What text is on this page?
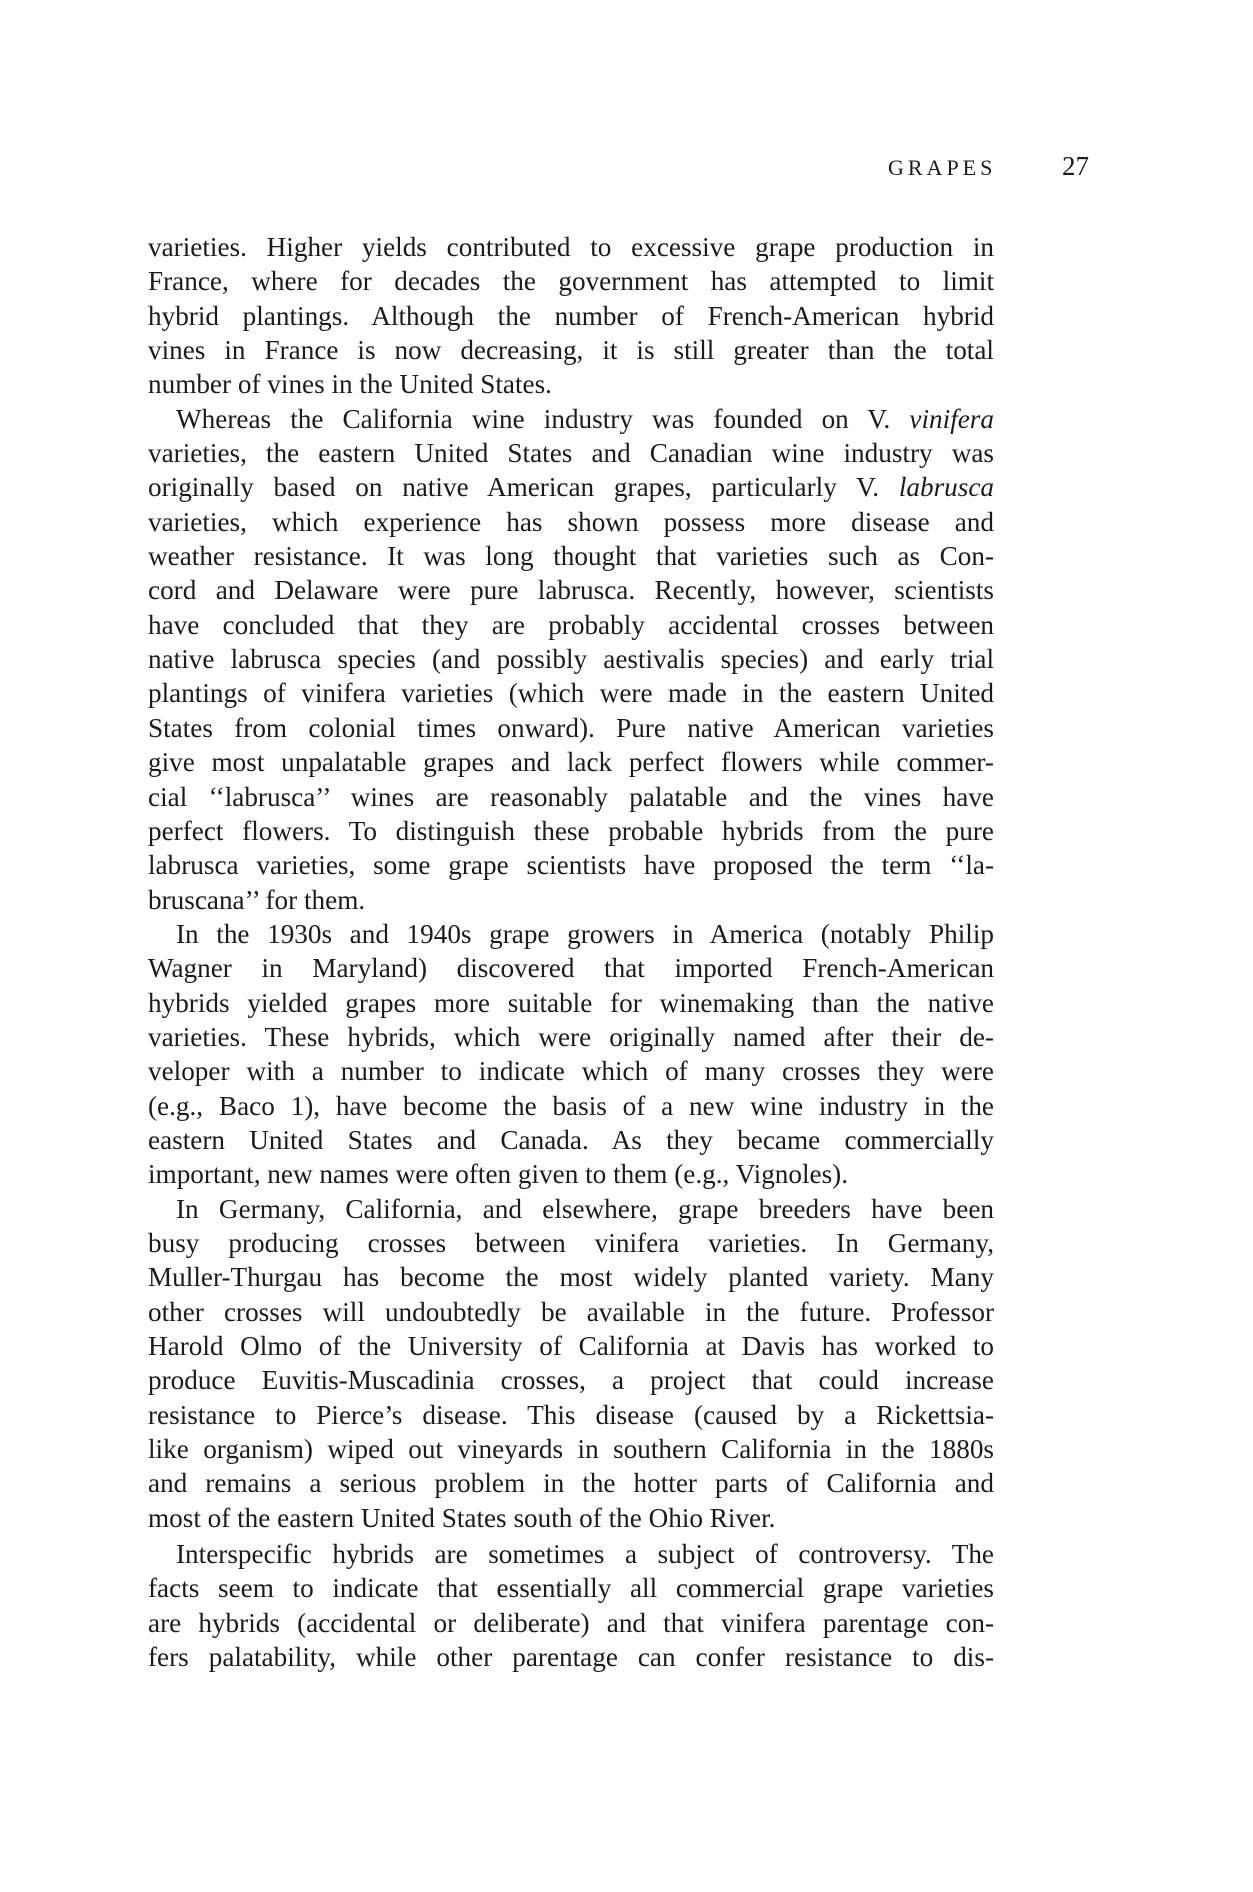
GRAPES 27

varieties. Higher yields contributed to excessive grape production in
France, where for decades the government has attempted to limit
hybrid plantings. Although the number of French-American hybrid
vines in France is now decreasing, it is still greater than the total
number of vines in the United States.

Whereas the California wine industry was founded on V. vinifera
varieties, the eastern United States and Canadian wine industry was
originally based on native American grapes, particularly V. labrusca
varieties, which experience has shown possess more disease and
weather resistance. It was long thought that varieties such as Con-
cord and Delaware were pure labrusca. Recently, however, scientists
have concluded that they are probably accidental crosses between
native labrusca species (and possibly aestivalis species) and early trial
plantings of vinifera varieties (which were made in the eastern United
States from colonial times onward). Pure native American varieties
give most unpalatable grapes and lack perfect flowers while commer-
cial ‘‘labrusca’’ wines are reasonably palatable and the vines have
perfect flowers. To distinguish these probable hybrids from the pure
labrusca varieties, some grape scientists have proposed the term ‘‘la-
bruscana’’ for them.

In the 1930s and 1940s grape growers in America (notably Philip
Wagner in Maryland) discovered that imported French-American
hybrids yielded grapes more suitable for winemaking than the native
varieties. These hybrids, which were originally named after their de-
veloper with a number to indicate which of many crosses they were
(e.g., Baco 1), have become the basis of a new wine industry in the
eastern United States and Canada. As they became commercially
important, new names were often given to them (e.g., Vignoles).

In Germany, California, and elsewhere, grape breeders have been
busy producing crosses between vinifera varieties. In Germany,
Muller-Thurgau has become the most widely planted variety. Many
other crosses will undoubtedly be available in the future. Professor
Harold Olmo of the University of California at Davis has worked to
produce Euvitis-Muscadinia crosses, a project that could increase
resistance to Pierce’s disease. This disease (caused by a Rickettsia-
like organism) wiped out vineyards in southern California in the 1880s
and remains a serious problem in the hotter parts of California and
most of the eastern United States south of the Ohio River.

Interspecific hybrids are sometimes a subject of controversy. The
facts seem to indicate that essentially all commercial grape varieties
are hybrids (accidental or deliberate) and that vinifera parentage con-
fers palatability, while other parentage can confer resistance to dis-
